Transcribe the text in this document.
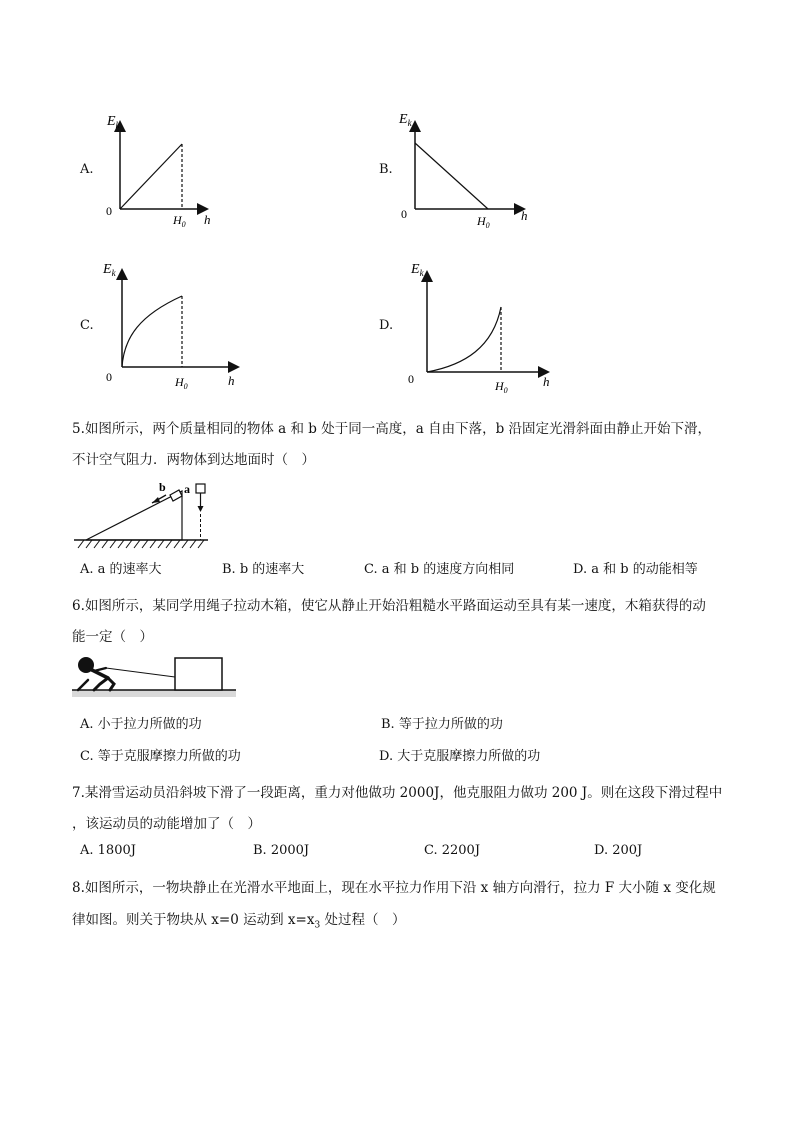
A.
$E_k$
0
h
$H_0$
B.
$E_k$
0	h
$H_0$
C.
$E_k$
0	h
$H_0$
D.
$E_k$
0	h
$H_0$
5.如图所示，两个质量相同的物体 a 和 b 处于同一高度，a 自由下落，b 沿固定光滑斜面由静止开始下滑，
不计空气阻力．两物体到达地面时（　）
b a
A. a 的速率大	B. b 的速率大	C. a 和 b 的速度方向相同	D. a 和 b 的动能相等
6.如图所示，某同学用绳子拉动木箱，使它从静止开始沿粗糙水平路面运动至具有某一速度，木箱获得的动
能一定（　）
A. 小于拉力所做的功	B. 等于拉力所做的功
C. 等于克服摩擦力所做的功	D. 大于克服摩擦力所做的功
7.某滑雪运动员沿斜坡下滑了一段距离，重力对他做功 2000J，他克服阻力做功 200 J。则在这段下滑过程中
，该运动员的动能增加了（　）
A. 1800J	B. 2000J	C. 2200J	D. 200J
8.如图所示，一物块静止在光滑水平地面上，现在水平拉力作用下沿 x 轴方向滑行，拉力 F 大小随 x 变化规
律如图。则关于物块从 x=0 运动到 $x=x_3$ 处过程（　）
